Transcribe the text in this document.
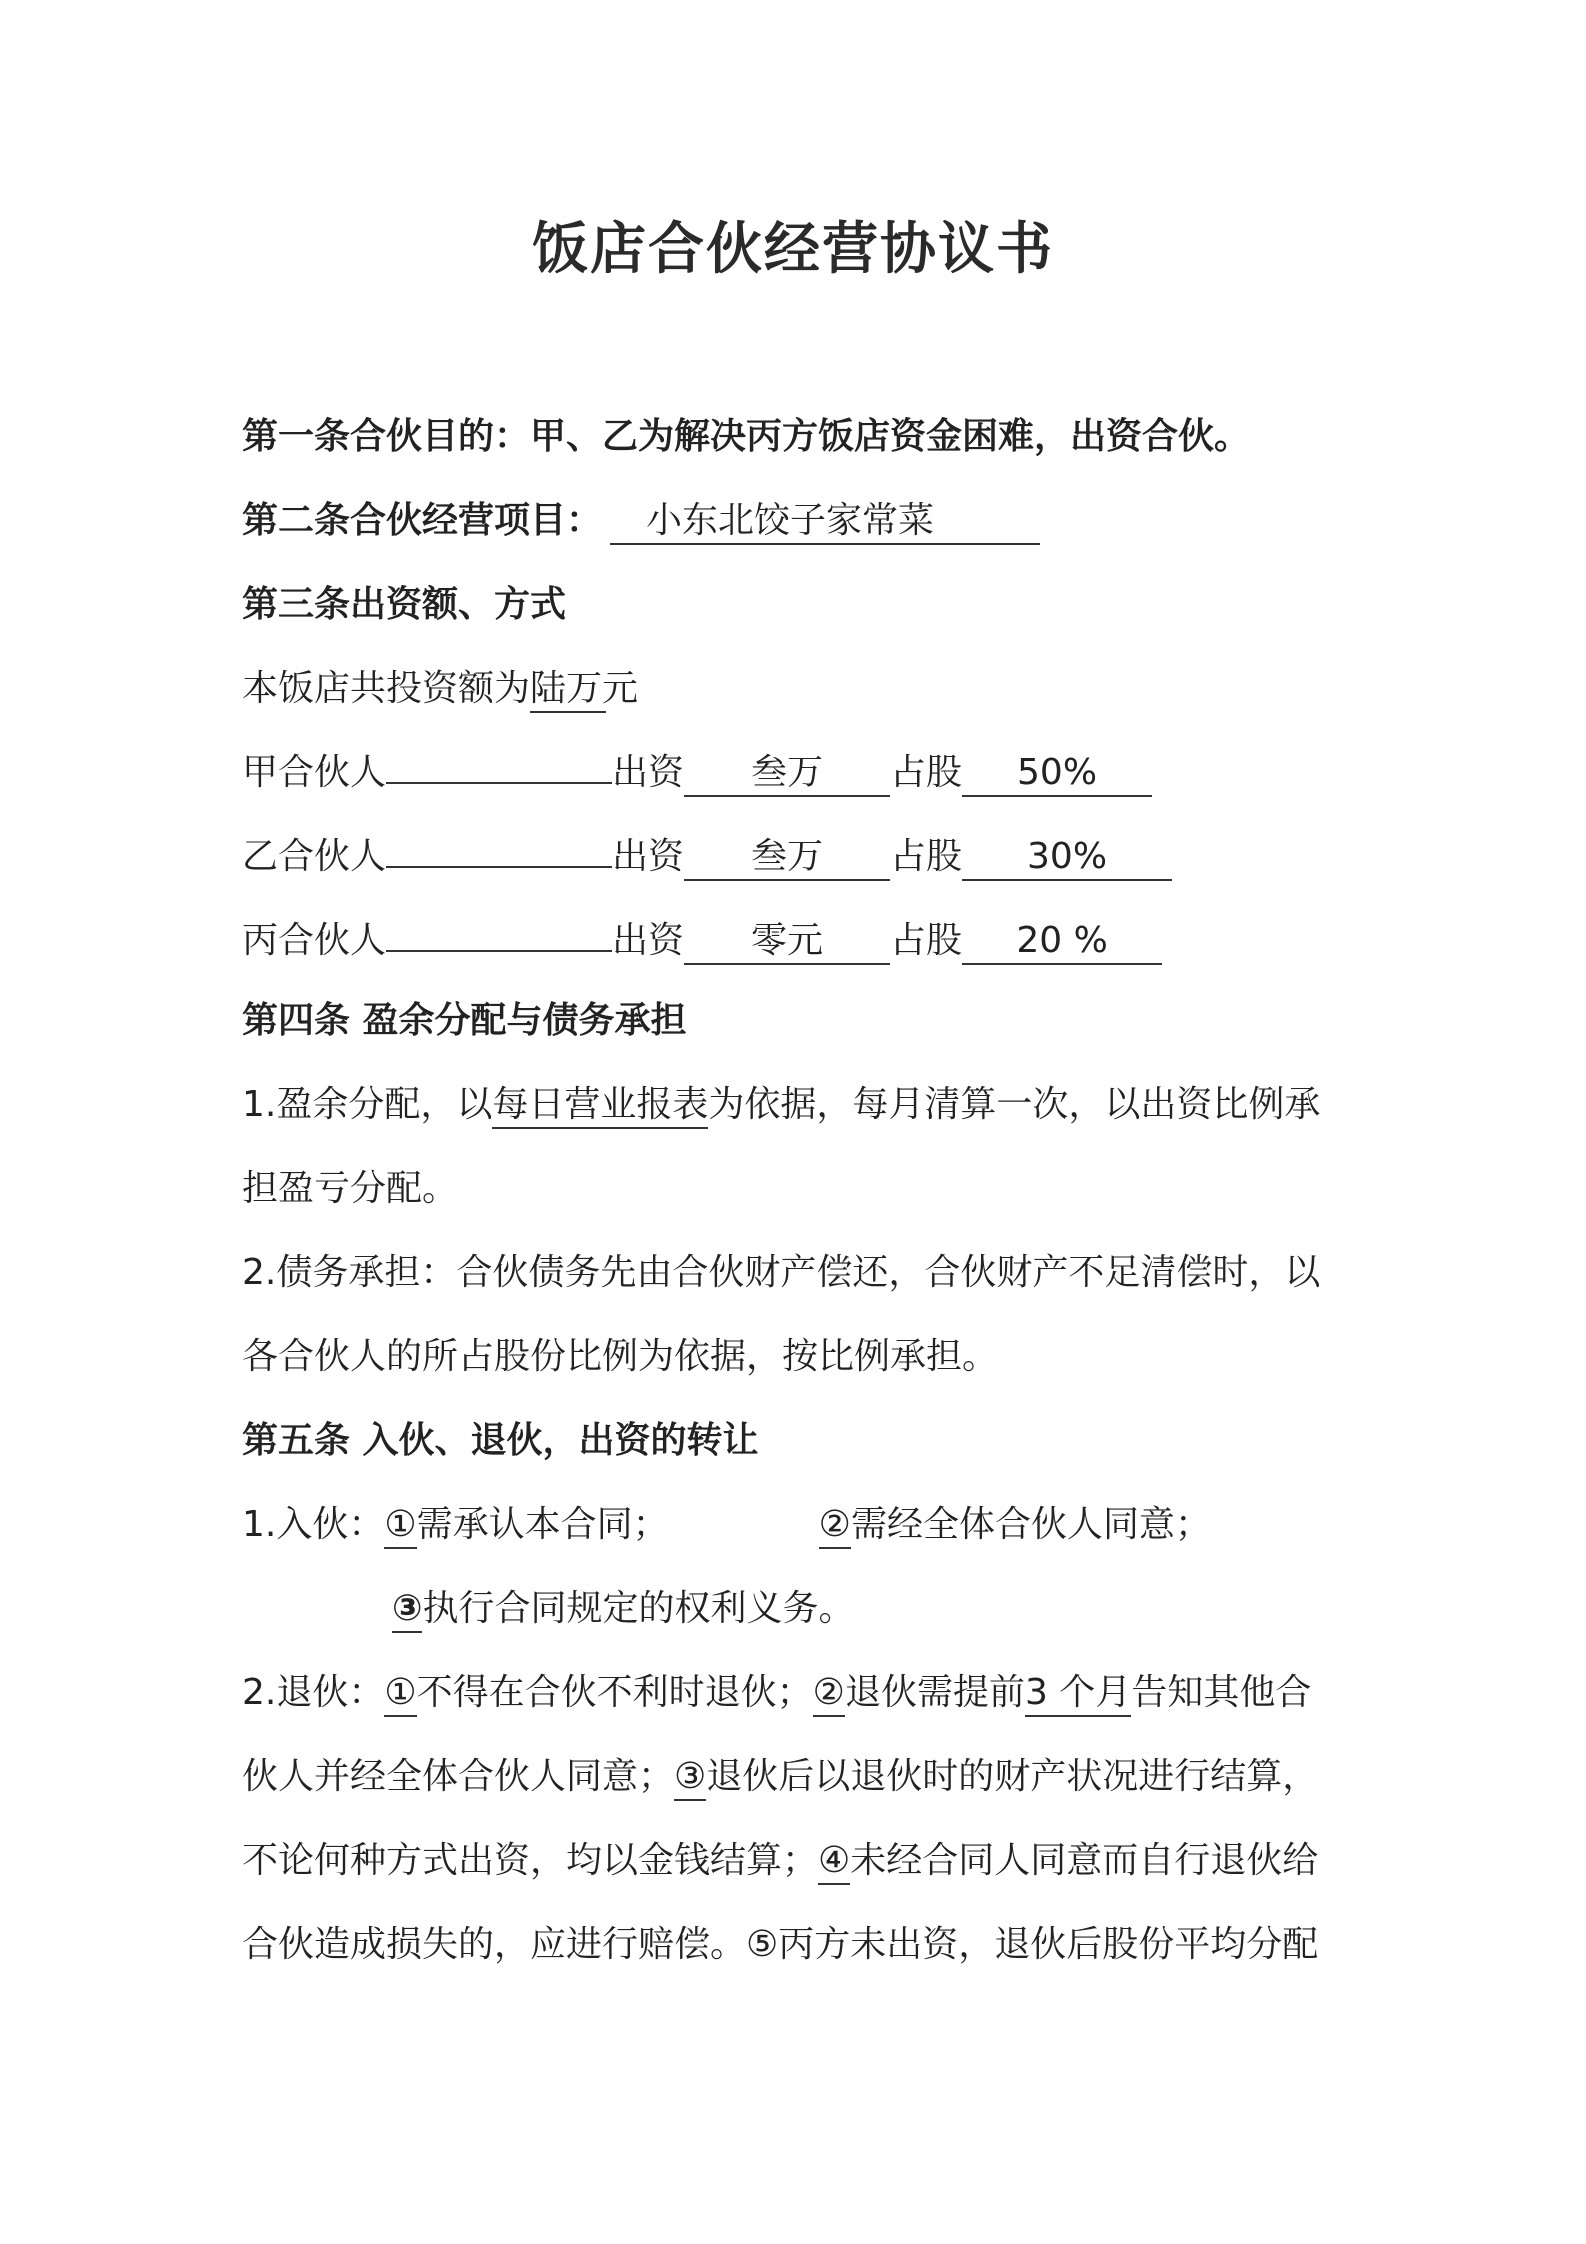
饭店合伙经营协议书
第一条合伙目的：甲、乙为解决丙方饭店资金困难，出资合伙。
第二条合伙经营项目： 小东北饺子家常菜
第三条出资额、方式
本饭店共投资额为陆万元
甲合伙人	出资 叁万 占股 50%
乙合伙人	出资 叁万 占股 30%
丙合伙人	出资 零元 占股 20 %
第四条 盈余分配与债务承担
1.盈余分配，以每日营业报表为依据，每月清算一次，以出资比例承
担盈亏分配。
2.债务承担：合伙债务先由合伙财产偿还，合伙财产不足清偿时，以
各合伙人的所占股份比例为依据，按比例承担。
第五条 入伙、退伙，出资的转让
1.入伙：①需承认本合同；	②需经全体合伙人同意；
③执行合同规定的权利义务。
2.退伙：①不得在合伙不利时退伙；②退伙需提前3 个月告知其他合
伙人并经全体合伙人同意；③退伙后以退伙时的财产状况进行结算，
不论何种方式出资，均以金钱结算；④未经合同人同意而自行退伙给
合伙造成损失的，应进行赔偿。⑤丙方未出资，退伙后股份平均分配
